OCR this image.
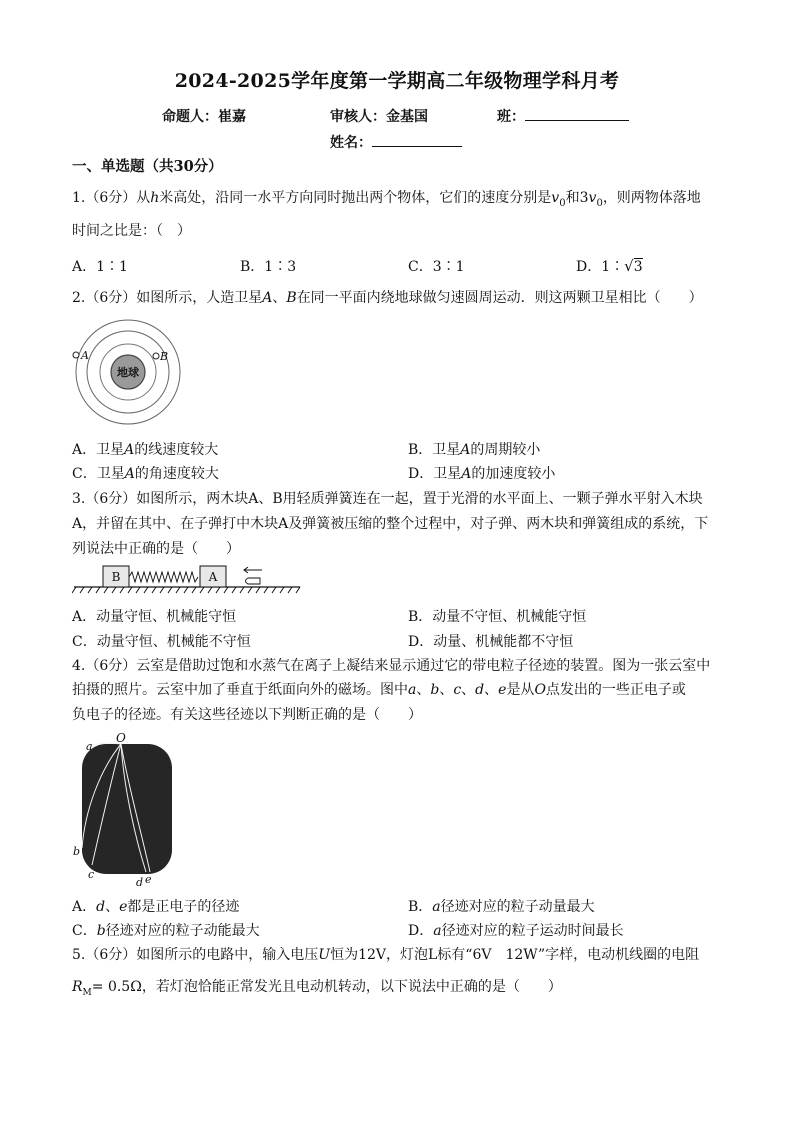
2024-2025学年度第一学期高二年级物理学科月考
命题人：崔嘉	审核人：金基国	班：
姓名：
一、单选题（共30分）
1.（6分）从h米高处，沿同一水平方向同时抛出两个物体，它们的速度分别是$v_0$和$3v_0$，则两物体落地
时间之比是：（　）
A．1∶1	B．1∶3	C．3∶1	D．1∶√3
2.（6分）如图所示，人造卫星A、B在同一平面内绕地球做匀速圆周运动．则这两颗卫星相比（　　）
地球
A	B
A．卫星A的线速度较大	B．卫星A的周期较小
C．卫星A的角速度较大	D．卫星A的加速度较小
3.（6分）如图所示，两木块A、B用轻质弹簧连在一起，置于光滑的水平面上、一颗子弹水平射入木块
A，并留在其中、在子弹打中木块A及弹簧被压缩的整个过程中，对子弹、两木块和弹簧组成的系统，下
列说法中正确的是（　　）
B	A
A．动量守恒、机械能守恒	B．动量不守恒、机械能守恒
C．动量守恒、机械能不守恒	D．动量、机械能都不守恒
4.（6分）云室是借助过饱和水蒸气在离子上凝结来显示通过它的带电粒子径迹的装置。图为一张云室中
拍摄的照片。云室中加了垂直于纸面向外的磁场。图中a、b、c、d、e是从O点发出的一些正电子或
负电子的径迹。有关这些径迹以下判断正确的是（　　）
O
a
b
c
d e
A．d、e都是正电子的径迹	B．a径迹对应的粒子动量最大
C．b径迹对应的粒子动能最大	D．a径迹对应的粒子运动时间最长
5.（6分）如图所示的电路中，输入电压U恒为12V，灯泡L标有“6V　12W”字样，电动机线圈的电阻
$R_M= 0.5\Omega$，若灯泡恰能正常发光且电动机转动，以下说法中正确的是（　　）
